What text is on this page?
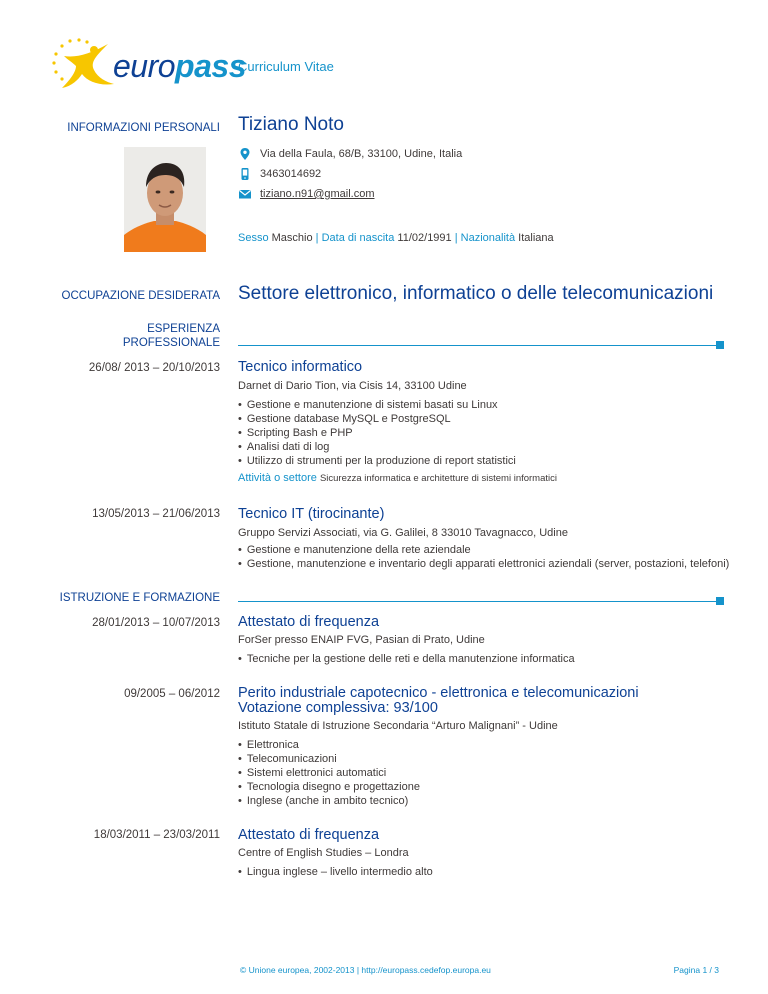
europass
Curriculum Vitae
INFORMAZIONI PERSONALI Tiziano Noto
Via della Faula, 68/B, 33100, Udine, Italia
3463014692
tiziano.n91@gmail.com
Sesso Maschio | Data di nascita 11/02/1991 | Nazionalità Italiana
OCCUPAZIONE DESIDERATA Settore elettronico, informatico o delle telecomunicazioni
ESPERIENZA PROFESSIONALE
26/08/ 2013 – 20/10/2013 Tecnico informatico
Darnet di Dario Tion, via Cisis 14, 33100 Udine
• Gestione e manutenzione di sistemi basati su Linux
• Gestione database MySQL e PostgreSQL
• Scripting Bash e PHP
• Analisi dati di log
• Utilizzo di strumenti per la produzione di report statistici
Attività o settore Sicurezza informatica e architetture di sistemi informatici
13/05/2013 – 21/06/2013 Tecnico IT (tirocinante)
Gruppo Servizi Associati, via G. Galilei, 8 33010 Tavagnacco, Udine
• Gestione e manutenzione della rete aziendale
• Gestione, manutenzione e inventario degli apparati elettronici aziendali (server, postazioni, telefoni)
ISTRUZIONE E FORMAZIONE
28/01/2013 – 10/07/2013 Attestato di frequenza
ForSer presso ENAIP FVG, Pasian di Prato, Udine
• Tecniche per la gestione delle reti e della manutenzione informatica
09/2005 – 06/2012 Perito industriale capotecnico - elettronica e telecomunicazioni
Votazione complessiva: 93/100
Istituto Statale di Istruzione Secondaria “Arturo Malignani” - Udine
• Elettronica
• Telecomunicazioni
• Sistemi elettronici automatici
• Tecnologia disegno e progettazione
• Inglese (anche in ambito tecnico)
18/03/2011 – 23/03/2011 Attestato di frequenza
Centre of English Studies – Londra
• Lingua inglese – livello intermedio alto
© Unione europea, 2002-2013 | http://europass.cedefop.europa.eu	Pagina 1 / 3
